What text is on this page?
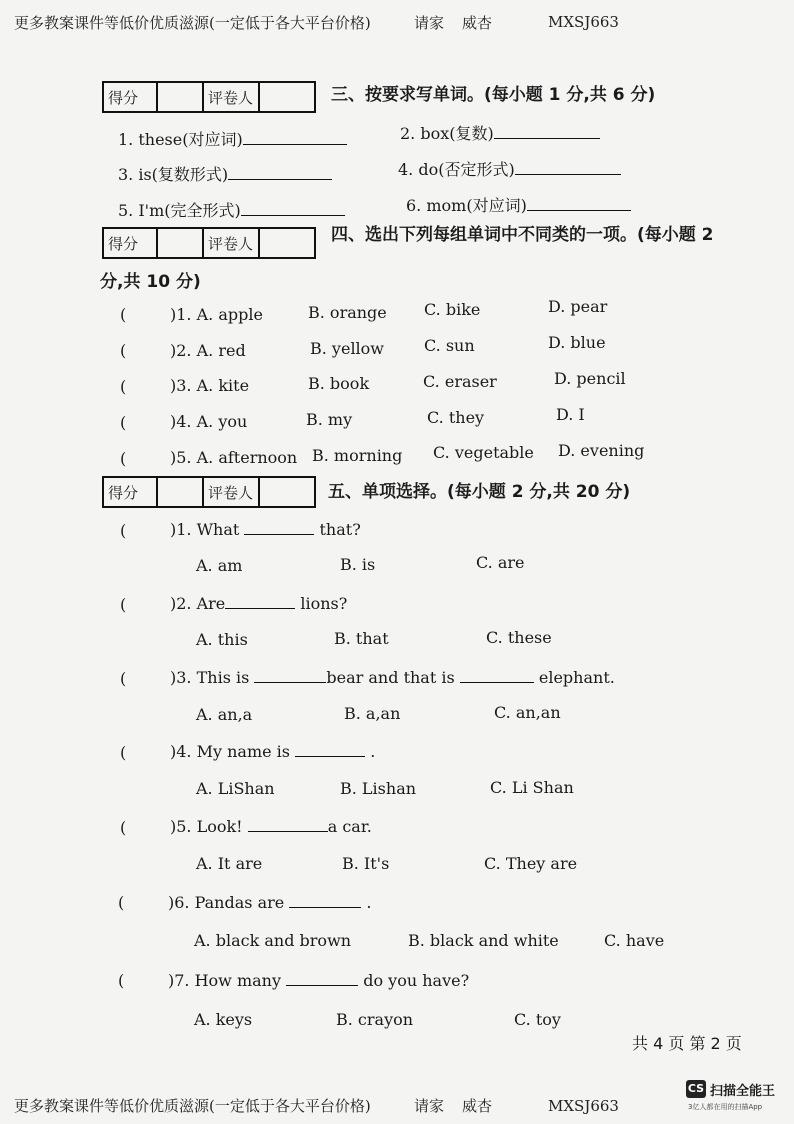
更多教案课件等低价优质滋源(一定低于各大平台价格)	请家 威杏	MXSJ663
得分		评卷人		三、按要求写单词。(每小题 1 分,共 6 分)
1. these(对应词)	2. box(复数)
3. is(复数形式)	4. do(否定形式)
5. I'm(完全形式)	6. mom(对应词)
得分		评卷人		四、选出下列每组单词中不同类的一项。(每小题 2
分,共 10 分)
(	)1. A. apple	B. orange C. bike	D. pear
(	)2. A. red	B. yellow	C. sun	D. blue
(	)3. A. kite	B. book	C. eraser	D. pencil
(	)4. A. you	B. my	C. they	D. I
(	)5. A. afternoon B. morning C. vegetable D. evening
得分		评卷人		五、单项选择。(每小题 2 分,共 20 分)
(	)1. What	that?
A. am	B. is	C. are
(	)2. Are	lions?
A. this	B. that	C. these
(	)3. This is	bear and that is	elephant.
A. an,a	B. a,an	C. an,an
(	)4. My name is	.
A. LiShan	B. Lishan	C. Li Shan
(	)5. Look!	a car.
A. It are	B. It's	C. They are
(	)6. Pandas are	.
A. black and brown	B. black and white	C. have
(	)7. How many	do you have?
A. keys	B. crayon	C. toy
共 4 页 第 2 页
更多教案课件等低价优质滋源(一定低于各大平台价格)	请家 威杏	MXSJ663
CS 扫描全能王
3亿人都在用的扫描App
